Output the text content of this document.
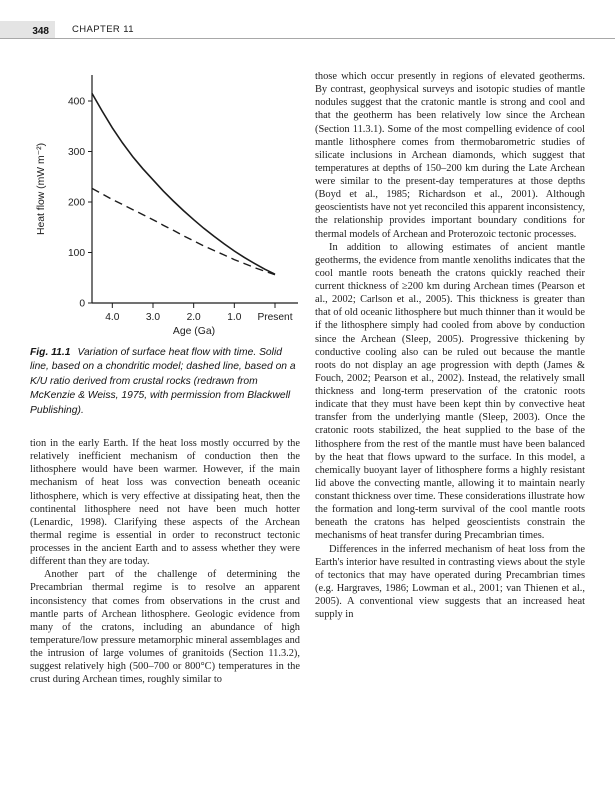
348	CHAPTER 11
0
100
200
300
400
4.0	3.0	2.0	1.0 Present
Heat flow (mW m⁻²)
Age (Ga)
Fig. 11.1 Variation of surface heat flow with time. Solid line, based on a chondritic model; dashed line, based on a K/U ratio derived from crustal rocks (redrawn from McKenzie & Weiss, 1975, with permission from Blackwell Publishing).

tion in the early Earth. If the heat loss mostly occurred by the relatively inefficient mechanism of conduction then the lithosphere would have been warmer. However, if the main mechanism of heat loss was convection beneath oceanic lithosphere, which is very effective at dissipating heat, then the continental lithosphere need not have been much hotter (Lenardic, 1998). Clarifying these aspects of the Archean thermal regime is essential in order to reconstruct tectonic processes in the ancient Earth and to assess whether they were different than they are today.

Another part of the challenge of determining the Precambrian thermal regime is to resolve an apparent inconsistency that comes from observations in the crust and mantle parts of Archean lithosphere. Geologic evidence from many of the cratons, including an abundance of high temperature/low pressure metamorphic mineral assemblages and the intrusion of large volumes of granitoids (Section 11.3.2), suggest relatively high (500–700 or 800°C) temperatures in the crust during Archean times, roughly similar to

those which occur presently in regions of elevated geotherms. By contrast, geophysical surveys and isotopic studies of mantle nodules suggest that the cratonic mantle is strong and cool and that the geotherm has been relatively low since the Archean (Section 11.3.1). Some of the most compelling evidence of cool mantle lithosphere comes from thermobarometric studies of silicate inclusions in Archean diamonds, which suggest that temperatures at depths of 150–200 km during the Late Archean were similar to the present-day temperatures at those depths (Boyd et al., 1985; Richardson et al., 2001). Although geoscientists have not yet reconciled this apparent inconsistency, the relationship provides important boundary conditions for thermal models of Archean and Proterozoic tectonic processes.

In addition to allowing estimates of ancient mantle geotherms, the evidence from mantle xenoliths indicates that the cool mantle roots beneath the cratons quickly reached their current thickness of ≥200 km during Archean times (Pearson et al., 2002; Carlson et al., 2005). This thickness is greater than that of old oceanic lithosphere but much thinner than it would be if the lithosphere simply had cooled from above by conduction since the Archean (Sleep, 2005). Progressive thickening by conductive cooling also can be ruled out because the mantle roots do not display an age progression with depth (James & Fouch, 2002; Pearson et al., 2002). Instead, the relatively small thickness and long-term preservation of the cratonic roots indicate that they must have been kept thin by convective heat transfer from the underlying mantle (Sleep, 2003). Once the cratonic roots stabilized, the heat supplied to the base of the lithosphere from the rest of the mantle must have been balanced by the heat that flows upward to the surface. In this model, a chemically buoyant layer of lithosphere forms a highly resistant lid above the convecting mantle, allowing it to maintain nearly constant thickness over time. These considerations illustrate how the formation and long-term survival of the cool mantle roots beneath the cratons has helped geoscientists constrain the mechanisms of heat transfer during Precambrian times.

Differences in the inferred mechanism of heat loss from the Earth's interior have resulted in contrasting views about the style of tectonics that may have operated during Precambrian times (e.g. Hargraves, 1986; Lowman et al., 2001; van Thienen et al., 2005). A conventional view suggests that an increased heat supply in
